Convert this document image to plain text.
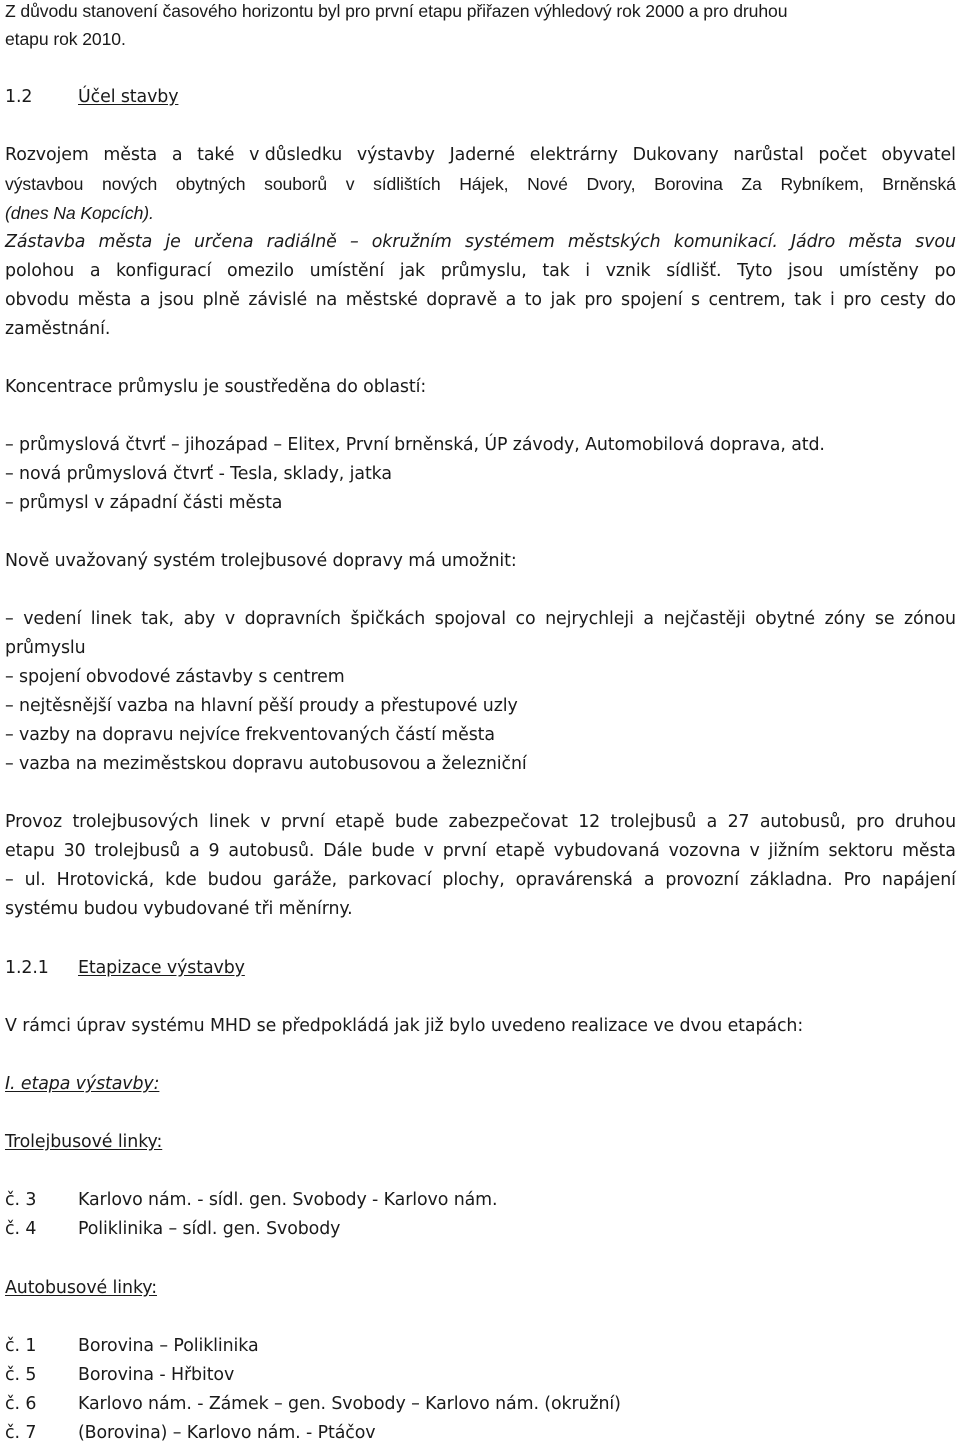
Z důvodu stanovení časového horizontu byl pro první etapu přiřazen výhledový rok 2000 a pro druhou
etapu rok 2010.
1.2	Účel stavby
Rozvojem města a také v důsledku výstavby Jaderné elektrárny Dukovany narůstal počet obyvatel
výstavbou nových obytných souborů v sídlištích Hájek, Nové Dvory, Borovina Za Rybníkem, Brněnská
(dnes Na Kopcích).
Zástavba města je určena radiálně – okružním systémem městských komunikací. Jádro města svou
polohou a konfigurací omezilo umístění jak průmyslu, tak i vznik sídlišť. Tyto jsou umístěny po
obvodu města a jsou plně závislé na městské dopravě a to jak pro spojení s centrem, tak i pro cesty do
zaměstnání.
Koncentrace průmyslu je soustředěna do oblastí:
– průmyslová čtvrť – jihozápad – Elitex, První brněnská, ÚP závody, Automobilová doprava, atd.
– nová průmyslová čtvrť - Tesla, sklady, jatka
– průmysl v západní části města
Nově uvažovaný systém trolejbusové dopravy má umožnit:
– vedení linek tak, aby v dopravních špičkách spojoval co nejrychleji a nejčastěji obytné zóny se zónou
průmyslu
– spojení obvodové zástavby s centrem
– nejtěsnější vazba na hlavní pěší proudy a přestupové uzly
– vazby na dopravu nejvíce frekventovaných částí města
– vazba na meziměstskou dopravu autobusovou a železniční
Provoz trolejbusových linek v první etapě bude zabezpečovat 12 trolejbusů a 27 autobusů, pro druhou
etapu 30 trolejbusů a 9 autobusů. Dále bude v první etapě vybudovaná vozovna v jižním sektoru města
– ul. Hrotovická, kde budou garáže, parkovací plochy, opravárenská a provozní základna. Pro napájení
systému budou vybudované tři měnírny.
1.2.1 Etapizace výstavby
V rámci úprav systému MHD se předpokládá jak již bylo uvedeno realizace ve dvou etapách:
I. etapa výstavby:
Trolejbusové linky:
č. 3 Karlovo nám. - sídl. gen. Svobody - Karlovo nám.
č. 4 Poliklinika – sídl. gen. Svobody
Autobusové linky:
č. 1 Borovina – Poliklinika
č. 5 Borovina - Hřbitov
č. 6 Karlovo nám. - Zámek – gen. Svobody – Karlovo nám. (okružní)
č. 7 (Borovina) – Karlovo nám. - Ptáčov
